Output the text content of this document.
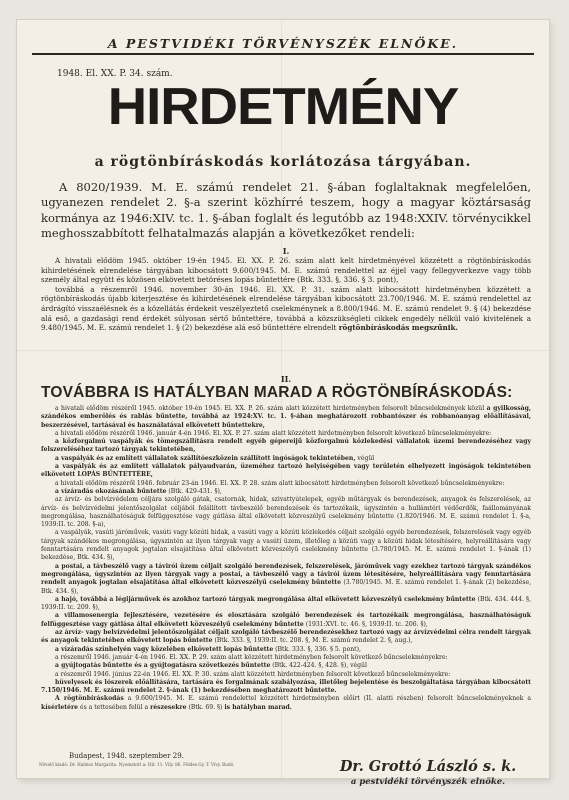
A PESTVIDÉKI TÖRVÉNYSZÉK ELNÖKE.
1948. El. XX. P. 34. szám.
HIRDETMÉNY
a rögtönbíráskodás korlátozása tárgyában.

A 8020/1939. M. E. számú rendelet 21. §-ában foglaltaknak megfelelően, ugyanezen rendelet 2. §-a szerint közhírré teszem, hogy a magyar köztársaság kormánya az 1946:XIV. tc. 1. §-ában foglalt és legutóbb az 1948:XXIV. törvénycikkel meghosszabbított felhatalmazás alapján a következőket rendeli:

I.

A hivatali elődöm 1945. október 19-én 1945. El. XX. P. 26. szám alatt kelt hirdetményével közzétett a rögtönbíráskodás kihirdetésének elrendelése tárgyában kibocsátott 9.600/1945. M. E. számú rendelettel az éjjel vagy fellegyverkezve vagy több személy által együtt és közösen elkövetett betöréses lopás bűntettére (Btk. 333. §, 336. § 3. pont),

továbbá a részemről 1946. november 30-án 1946. El. XX. P. 31. szám alatt kibocsátott hirdetményben közzétett a rögtönbíráskodás újabb kiterjesztése és kihirdetésének elrendelése tárgyában kibocsátott 23.700/1946. M. E. számú rendelettel az árdrágító visszaélésnek és a közellátás érdekeit veszélyeztető cselekménynek a 8.800/1946. M. E. számú rendelet 9. § (4) bekezdése alá eső, a gazdasági rend érdekét súlyosan sértő bűntettére, továbbá a közszükségleti cikkek engedély nélkül való kivitelének a 9.480/1945. M. E. számú rendelet 1. § (2) bekezdése alá eső bűntettére elrendelt rögtönbíráskodás megszűnik.

II.
TOVÁBBRA IS HATÁLYBAN MARAD A RÖGTÖNBÍRÁSKODÁS:

a hivatali elődöm részéről 1945. október 19-én 1945. El. XX. P. 26. szám alatt közzétett hirdetményben felsorolt bűncselekmények közül a gyilkosság, szándékos emberölés és rablás bűntette, továbbá az 1924:XV. tc. 1. §-ában meghatározott robbantószer és robbanóanyag előállításával, beszerzésével, tartásával és használatával elkövetett bűntettekre,

a hivatali elődöm részéről 1946. január 4-én 1946. El. XX. P. 27. szám alatt közzétett hirdetményben felsorolt következő bűncselekményekre:

a közforgalmú vaspályák és tömegszállításra rendelt egyéb gépereijű közforgalmú közlekedési vállalatok üzemi berendezéséhez vagy felszereléséhez tartozó tárgyak tekintetében,

a vaspályák és az említett vállalatok szállítóeszközein szállított ingóságok tekintetében, végül

a vaspályák és az említett vállalatok pályaudvarán, üzeméhez tartozó helyiségében vagy területén elhelyezett ingóságok tekintetében elkövetett LOPÁS BŰNTETTÉRE,

a hivatali elődöm részéről 1946. február 23-án 1946. El. XX. P. 28. szám alatt kibocsátott hirdetményben felsorolt következő bűncselekményekre:

a vízáradás okozásának bűntette (Btk. 429-431. §),

az árvíz- és belvízvédelem céljára szolgáló gátak, csatornák, hidak, szivattyútelepek, egyéb műtárgyak és berendezések, anyagok és felszerelések, az árvíz- és belvízvédelmi jelentőszolgálat céljából felállított távbeszélő berendezések és tartozékaik, úgyszintén a hullámtéri védőerdők, faállományának megrongálása, használhatóságuk felfüggesztése vagy gátlása által elkövetett közveszélyű cselekmény bűntette (1.820/1946. M. E. számú rendelet 1. §-a, 1939:II. tc. 208. §-a),

a vaspályák, vasúti járóművek, vasúti vagy közúti hidak, a vasúti vagy a közúti közlekedés céljait szolgáló egyéb berendezések, felszerelések vagy egyéb tárgyak szándékos megrongálása, úgyszintén az ilyen tárgyak vagy a vasúti üzem, illetőleg a közúti vagy a közúti hidak létesítésére, helyreállítására vagy fenntartására rendelt anyagok jogtalan elsajátítása által elkövetett közveszélyű cselekmény bűntette (3.780/1945. M. E. számú rendelet 1. §-ának (1) bekezdése, Btk. 434. §),

a postai, a távbeszélő vagy a távirói üzem céljait szolgáló berendezések, felszerelések, járóművek vagy ezekhez tartozó tárgyak szándékos megrongálása, úgyszintén az ilyen tárgyak vagy a postai, a távbeszélő vagy a távirói üzem létesítésére, helyreállítására vagy fenntartására rendelt anyagok jogtalan elsajátítása által elkövetett közveszélyű cselekmény bűntette (3.780/1945. M. E. számú rendelet 1. §-ának (2) bekezdése, Btk. 434. §),

a hajó, továbbá a légijárművek és azokhoz tartozó tárgyak megrongálása által elkövetett közveszélyű cselekmény bűntette (Btk. 434. 444. §, 1939:II. tc. 209. §),

a villamosenergia fejlesztésére, vezetésére és elosztására szolgáló berendezések és tartozékaik megrongálása, használhatóságuk felfüggesztése vagy gátlása által elkövetett közveszélyű cselekmény bűntette (1931:XVI. tc. 46. §, 1939:II. tc. 206. §),

az árvíz- vagy belvízvédelmi jelentőszolgálat céljait szolgáló távbeszélő berendezésekhez tartozó vagy az árvízvédelmi célra rendelt tárgyak és anyagok tekintetében elkövetett lopás bűntette (Btk. 333. §, 1939:II. tc. 208. §, M. E. számú rendelet 2. §, aug.),

a vízáradás színhelyén vagy közelében elkövetett lopás bűntette (Btk. 333. §, 336. § 5. pont),

a részemről 1946. január 4-én 1946. El. XX. P. 29. szám alatt közzétett hirdetményben felsorolt következő bűncselekményekre:

a gyújtogatás bűntette és a gyújtogatásra szövetkezés bűntette (Btk. 422-424. §, 428. §), végül

a részemről 1946. június 22-én 1946. El. XX. P. 30. szám alatt közzétett hirdetményben felsorolt következő bűncselekményekre:

hüvelyesek és lószerek előállítására, tartására és forgalmának szabályozása, illetőleg bejelentése és beszolgáltatása tárgyában kibocsátott 7.150/1946. M. E. számú rendelet 2. §-ának (1) bekezdésében meghatározott bűntette.

A rögtönbíráskodás a 9.600/1945. M. E. számú rendelettel közzétett hirdetményben előírt (II. alatti részben) felsorolt bűncselekményeknek a kísérletére és a tettesében felül a részesekre (Btk. 69. §) is hatályban marad.

Budapest, 1948. szeptember 29.
Növelő kiadó: Dr. Halmos Margarita. Nyomatott a: Hír. 11. Vily. 86. Földes Gy. T. Vívy. Budó.	Dr. Grottó László s. k.
a pestvidéki törvényszék elnöke.
